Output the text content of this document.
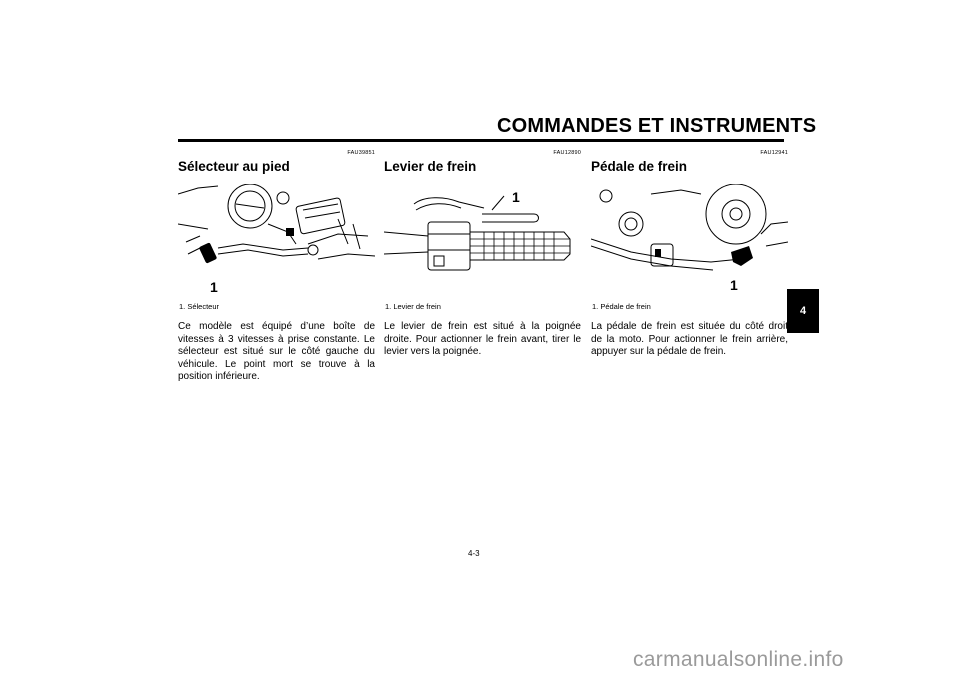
COMMANDES ET INSTRUMENTS
4
FAU39851
Sélecteur au pied
1
1. Sélecteur
Ce modèle est équipé d’une boîte de vitesses à 3 vitesses à prise constante. Le sélecteur est situé sur le côté gauche du véhicule. Le point mort se trouve à la position inférieure.
FAU12890
Levier de frein
1
1. Levier de frein
Le levier de frein est situé à la poignée droite. Pour actionner le frein avant, tirer le levier vers la poignée.
FAU12941
Pédale de frein
1
1. Pédale de frein
La pédale de frein est située du côté droit de la moto. Pour actionner le frein arrière, appuyer sur la pédale de frein.
4-3
carmanualsonline.info
